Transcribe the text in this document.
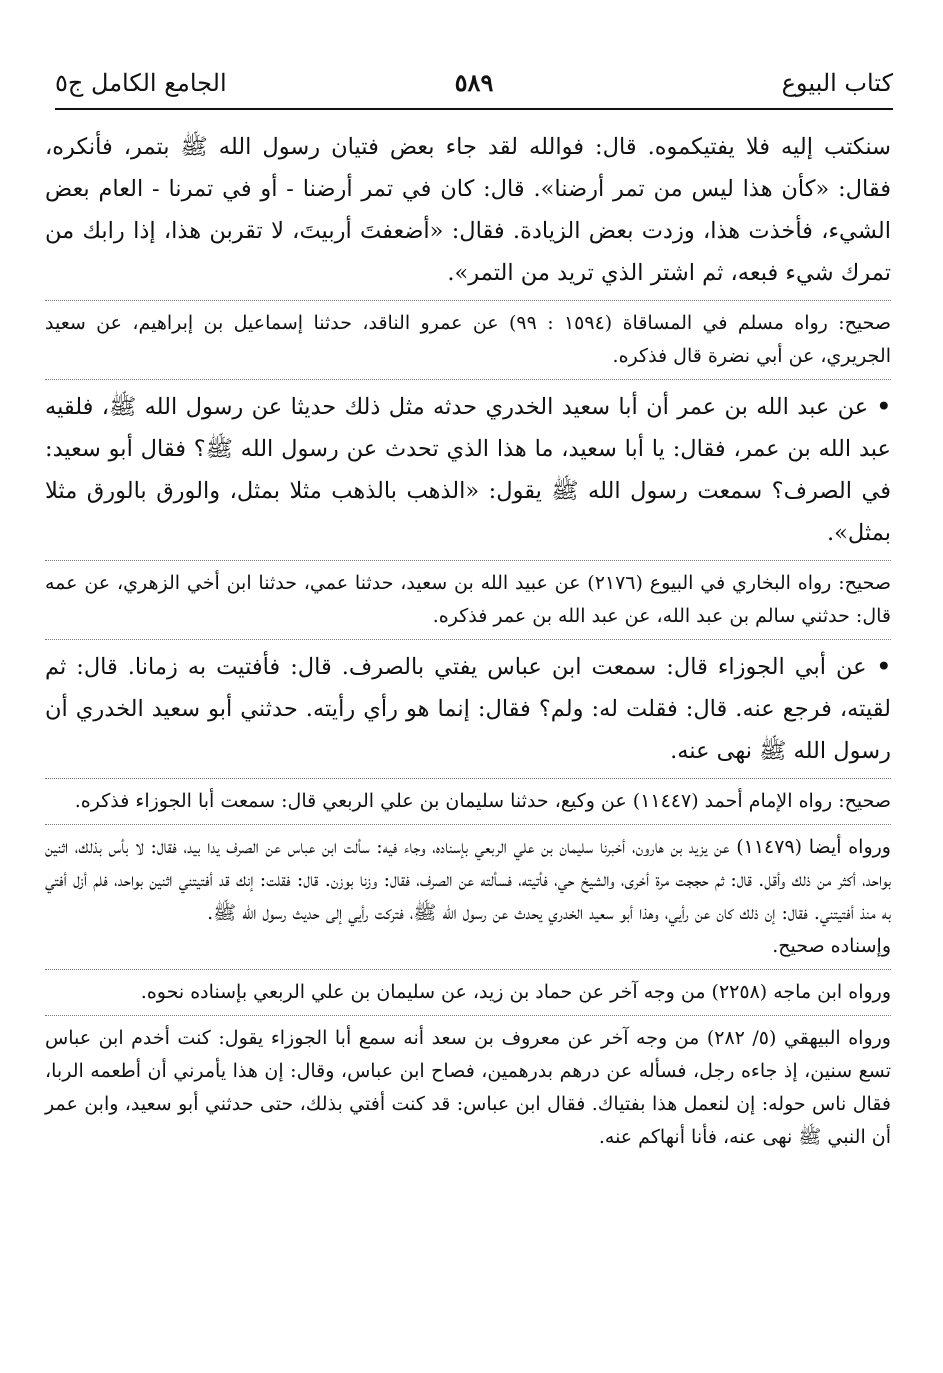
كتاب البيوع
٥٨٩
الجامع الكامل ج٥

سنكتب إليه فلا يفتيكموه. قال: فوالله لقد جاء بعض فتيان رسول الله ﷺ بتمر، فأنكره، فقال: «كأن هذا ليس من تمر أرضنا». قال: كان في تمر أرضنا - أو في تمرنا - العام بعض الشيء، فأخذت هذا، وزدت بعض الزيادة. فقال: «أضعفتَ أربيتَ، لا تقربن هذا، إذا رابك من تمرك شيء فبعه، ثم اشتر الذي تريد من التمر».

صحيح: رواه مسلم في المساقاة (١٥٩٤ : ٩٩) عن عمرو الناقد، حدثنا إسماعيل بن إبراهيم، عن سعيد الجريري، عن أبي نضرة قال فذكره.

• عن عبد الله بن عمر أن أبا سعيد الخدري حدثه مثل ذلك حديثا عن رسول الله ﷺ، فلقيه عبد الله بن عمر، فقال: يا أبا سعيد، ما هذا الذي تحدث عن رسول الله ﷺ؟ فقال أبو سعيد: في الصرف؟ سمعت رسول الله ﷺ يقول: «الذهب بالذهب مثلا بمثل، والورق بالورق مثلا بمثل».

صحيح: رواه البخاري في البيوع (٢١٧٦) عن عبيد الله بن سعيد، حدثنا عمي، حدثنا ابن أخي الزهري، عن عمه قال: حدثني سالم بن عبد الله، عن عبد الله بن عمر فذكره.

• عن أبي الجوزاء قال: سمعت ابن عباس يفتي بالصرف. قال: فأفتيت به زمانا. قال: ثم لقيته، فرجع عنه. قال: فقلت له: ولم؟ فقال: إنما هو رأي رأيته. حدثني أبو سعيد الخدري أن رسول الله ﷺ نهى عنه.

صحيح: رواه الإمام أحمد (١١٤٤٧) عن وكيع، حدثنا سليمان بن علي الربعي قال: سمعت أبا الجوزاء فذكره.

ورواه أيضا (١١٤٧٩) عن يزيد بن هارون، أخبرنا سليمان بن علي الربعي بإسناده، وجاء فيه: سألت ابن عباس عن الصرف يدا بيد، فقال: لا بأس بذلك، اثنين بواحد، أكثر من ذلك وأقل. قال: ثم حججت مرة أخرى، والشيخ حي، فأتيته، فسألته عن الصرف، فقال: وزنا بوزن. قال: فقلت: إنك قد أفتيتني اثنين بواحد، فلم أزل أفتي به منذ أفتيتني. فقال: إن ذلك كان عن رأيي، وهذا أبو سعيد الخدري يحدث عن رسول الله ﷺ، فتركت رأيي إلى حديث رسول الله ﷺ.

وإسناده صحيح.

ورواه ابن ماجه (٢٢٥٨) من وجه آخر عن حماد بن زيد، عن سليمان بن علي الربعي بإسناده نحوه.

ورواه البيهقي (٥/ ٢٨٢) من وجه آخر عن معروف بن سعد أنه سمع أبا الجوزاء يقول: كنت أخدم ابن عباس تسع سنين، إذ جاءه رجل، فسأله عن درهم بدرهمين، فصاح ابن عباس، وقال: إن هذا يأمرني أن أطعمه الربا، فقال ناس حوله: إن لنعمل هذا بفتياك. فقال ابن عباس: قد كنت أفتي بذلك، حتى حدثني أبو سعيد، وابن عمر أن النبي ﷺ نهى عنه، فأنا أنهاكم عنه.
